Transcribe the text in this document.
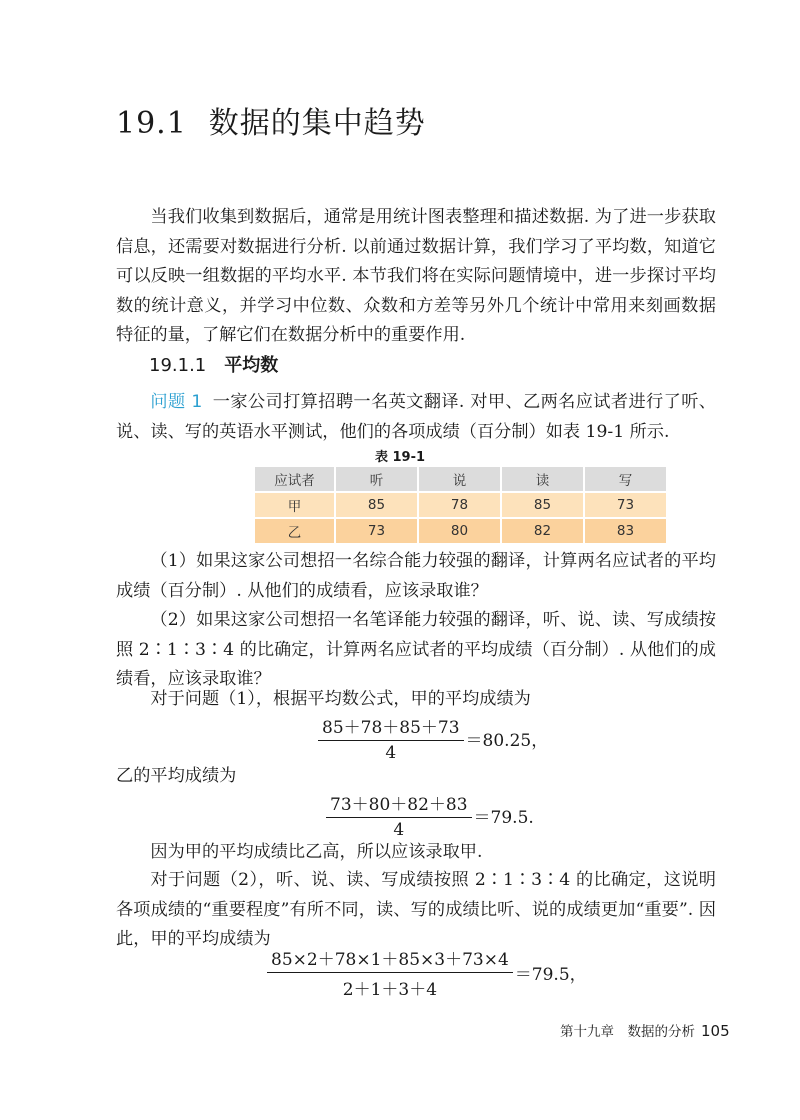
19.1 数据的集中趋势
当我们收集到数据后，通常是用统计图表整理和描述数据. 为了进一步获取信息，还需要对数据进行分析. 以前通过数据计算，我们学习了平均数，知道它可以反映一组数据的平均水平. 本节我们将在实际问题情境中，进一步探讨平均数的统计意义，并学习中位数、众数和方差等另外几个统计中常用来刻画数据特征的量，了解它们在数据分析中的重要作用.
19.1.1 平均数
问题 1 一家公司打算招聘一名英文翻译. 对甲、乙两名应试者进行了听、说、读、写的英语水平测试，他们的各项成绩（百分制）如表 19-1 所示.
表 19-1
应试者	听	说	读	写
甲	85	78	85	73
乙	73	80	82	83
（1）如果这家公司想招一名综合能力较强的翻译，计算两名应试者的平均成绩（百分制）. 从他们的成绩看，应该录取谁？
（2）如果这家公司想招一名笔译能力较强的翻译，听、说、读、写成绩按照 2∶1∶3∶4 的比确定，计算两名应试者的平均成绩（百分制）. 从他们的成绩看，应该录取谁？
对于问题（1），根据平均数公式，甲的平均成绩为
$\frac{85+78+85+73}{4} =80.25$，
乙的平均成绩为
$\frac{73+80+82+83}{4} =79.5$.
因为甲的平均成绩比乙高，所以应该录取甲.
对于问题（2），听、说、读、写成绩按照 2∶1∶3∶4 的比确定，这说明各项成绩的“重要程度”有所不同，读、写的成绩比听、说的成绩更加“重要”. 因此，甲的平均成绩为
$\frac{85\times 2+78\times 1+85\times 3+73\times 4}{2+1+3+4} =79.5$，
第十九章　数据的分析 105
